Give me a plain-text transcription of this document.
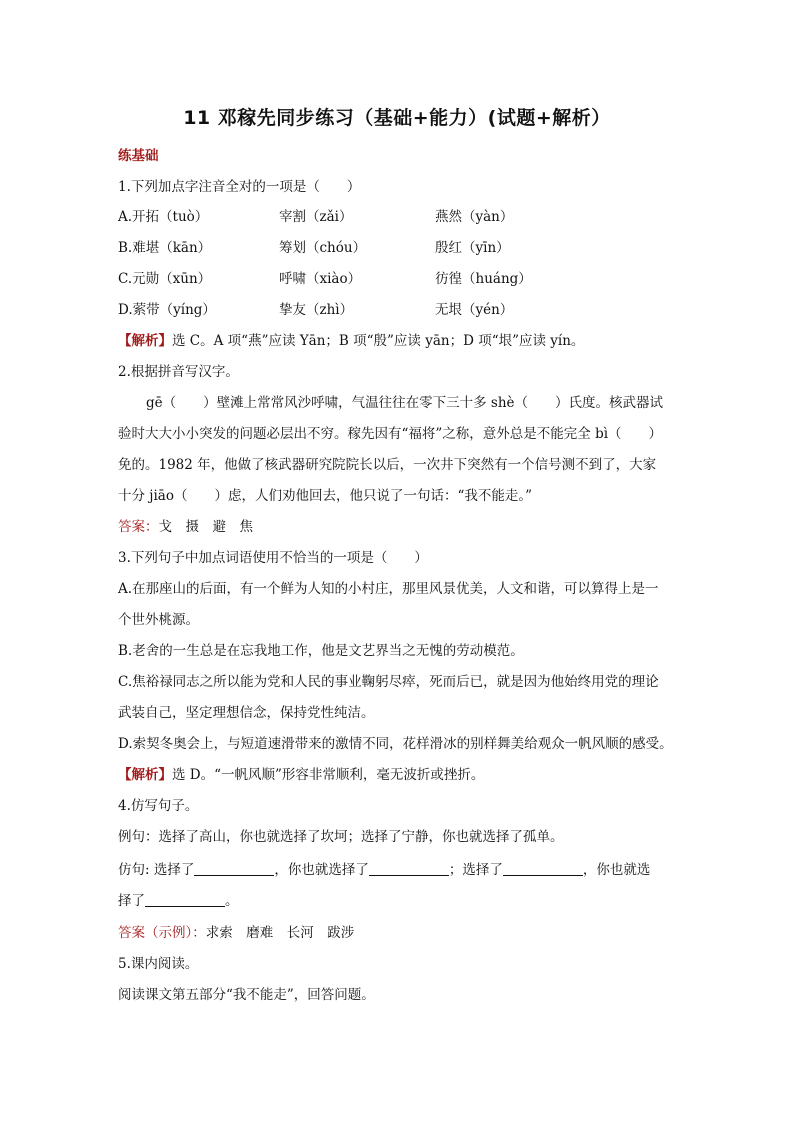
11 邓稼先同步练习（基础+能力）(试题+解析）
练基础
1.下列加点字注音全对的一项是（　　）
A.开拓（tuò）	宰割（zǎi）	燕然（yàn）
B.难堪（kān）	筹划（chóu）	殷红（yīn）
C.元勋（xūn）	呼啸（xiào）	彷徨（huáng）
D.萦带（yíng）	挚友（zhì）	无垠（yén）
【解析】选 C。A 项“燕”应读 Yān；B 项“殷”应读 yān；D 项“垠”应读 yín。
2.根据拼音写汉字。
gē（　　）壁滩上常常风沙呼啸，气温往往在零下三十多 shè（　　）氏度。核武器试
验时大大小小突发的问题必层出不穷。稼先因有“福将”之称，意外总是不能完全 bì（　　）
免的。1982 年，他做了核武器研究院院长以后，一次井下突然有一个信号测不到了，大家
十分 jiāo（　　）虑，人们劝他回去，他只说了一句话：“我不能走。”
答案：戈　摄　避　焦
3.下列句子中加点词语使用不恰当的一项是（　　）
A.在那座山的后面，有一个鲜为人知的小村庄，那里风景优美，人文和谐，可以算得上是一
个世外桃源。
B.老舍的一生总是在忘我地工作，他是文艺界当之无愧的劳动模范。
C.焦裕禄同志之所以能为党和人民的事业鞠躬尽瘁，死而后已，就是因为他始终用党的理论
武装自己，坚定理想信念，保持党性纯洁。
D.索契冬奥会上，与短道速滑带来的激情不同，花样滑冰的别样舞美给观众一帆风顺的感受。
【解析】选 D。“一帆风顺”形容非常顺利，毫无波折或挫折。
4.仿写句子。
例句：选择了高山，你也就选择了坎坷；选择了宁静，你也就选择了孤单。
仿句: 选择了	，你也就选择了	；选择了	，你也就选
择了	。
答案（示例）：求索　磨难　长河　跋涉
5.课内阅读。
阅读课文第五部分“我不能走”，回答问题。
